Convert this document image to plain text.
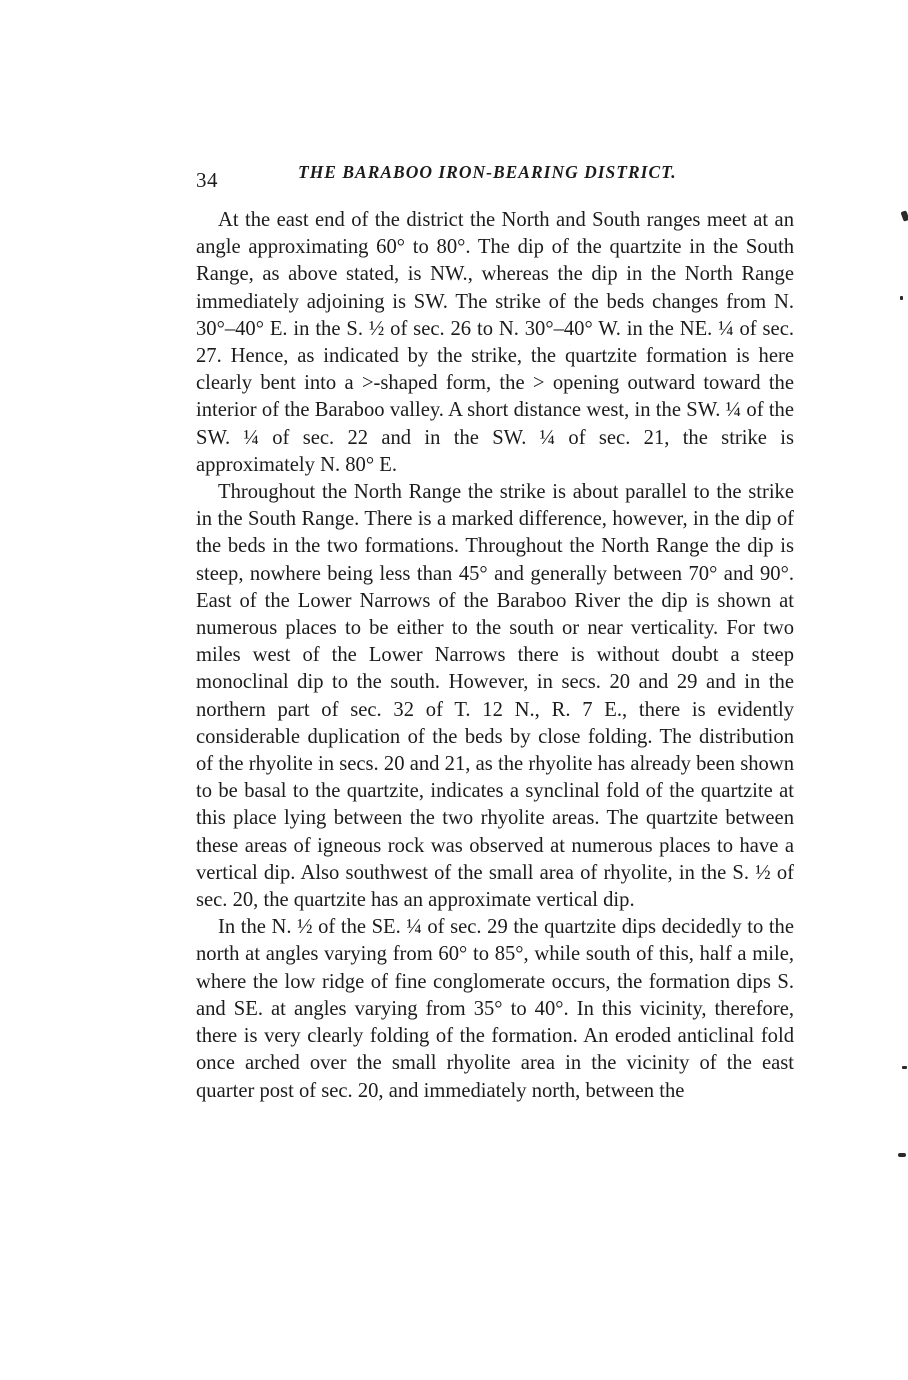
34	THE BARABOO IRON-BEARING DISTRICT.

At the east end of the district the North and South ranges meet at an angle approximating 60° to 80°. The dip of the quartzite in the South Range, as above stated, is NW., whereas the dip in the North Range immediately adjoining is SW. The strike of the beds changes from N. 30°–40° E. in the S. ½ of sec. 26 to N. 30°–40° W. in the NE. ¼ of sec. 27. Hence, as indicated by the strike, the quartzite formation is here clearly bent into a >-shaped form, the > opening outward toward the interior of the Baraboo valley. A short distance west, in the SW. ¼ of the SW. ¼ of sec. 22 and in the SW. ¼ of sec. 21, the strike is approximately N. 80° E.

Throughout the North Range the strike is about parallel to the strike in the South Range. There is a marked difference, however, in the dip of the beds in the two formations. Throughout the North Range the dip is steep, nowhere being less than 45° and generally between 70° and 90°. East of the Lower Narrows of the Baraboo River the dip is shown at numerous places to be either to the south or near verticality. For two miles west of the Lower Narrows there is without doubt a steep monoclinal dip to the south. However, in secs. 20 and 29 and in the northern part of sec. 32 of T. 12 N., R. 7 E., there is evidently considerable duplication of the beds by close folding. The distribution of the rhyolite in secs. 20 and 21, as the rhyolite has already been shown to be basal to the quartzite, indicates a synclinal fold of the quartzite at this place lying between the two rhyolite areas. The quartzite between these areas of igneous rock was observed at numerous places to have a vertical dip. Also southwest of the small area of rhyolite, in the S. ½ of sec. 20, the quartzite has an approximate vertical dip.

In the N. ½ of the SE. ¼ of sec. 29 the quartzite dips decidedly to the north at angles varying from 60° to 85°, while south of this, half a mile, where the low ridge of fine conglomerate occurs, the formation dips S. and SE. at angles varying from 35° to 40°. In this vicinity, therefore, there is very clearly folding of the formation. An eroded anticlinal fold once arched over the small rhyolite area in the vicinity of the east quarter post of sec. 20, and immediately north, between the
